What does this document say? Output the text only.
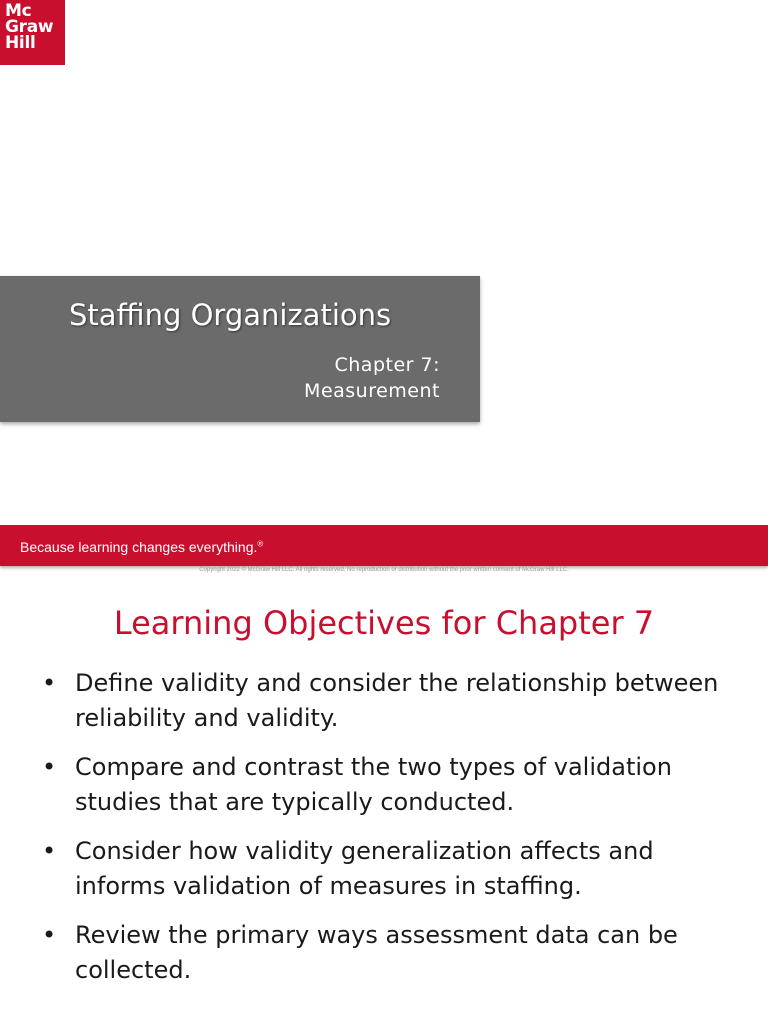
Mc
Graw
Hill
Staffing Organizations
Chapter 7:
Measurement
Because learning changes everything.®
Copyright 2022 © McGraw Hill LLC. All rights reserved. No reproduction or distribution without the prior written consent of McGraw Hill LLC.
Learning Objectives for Chapter 7
• Define validity and consider the relationship between reliability and validity.
• Compare and contrast the two types of validation studies that are typically conducted.
• Consider how validity generalization affects and informs validation of measures in staffing.
• Review the primary ways assessment data can be collected.
